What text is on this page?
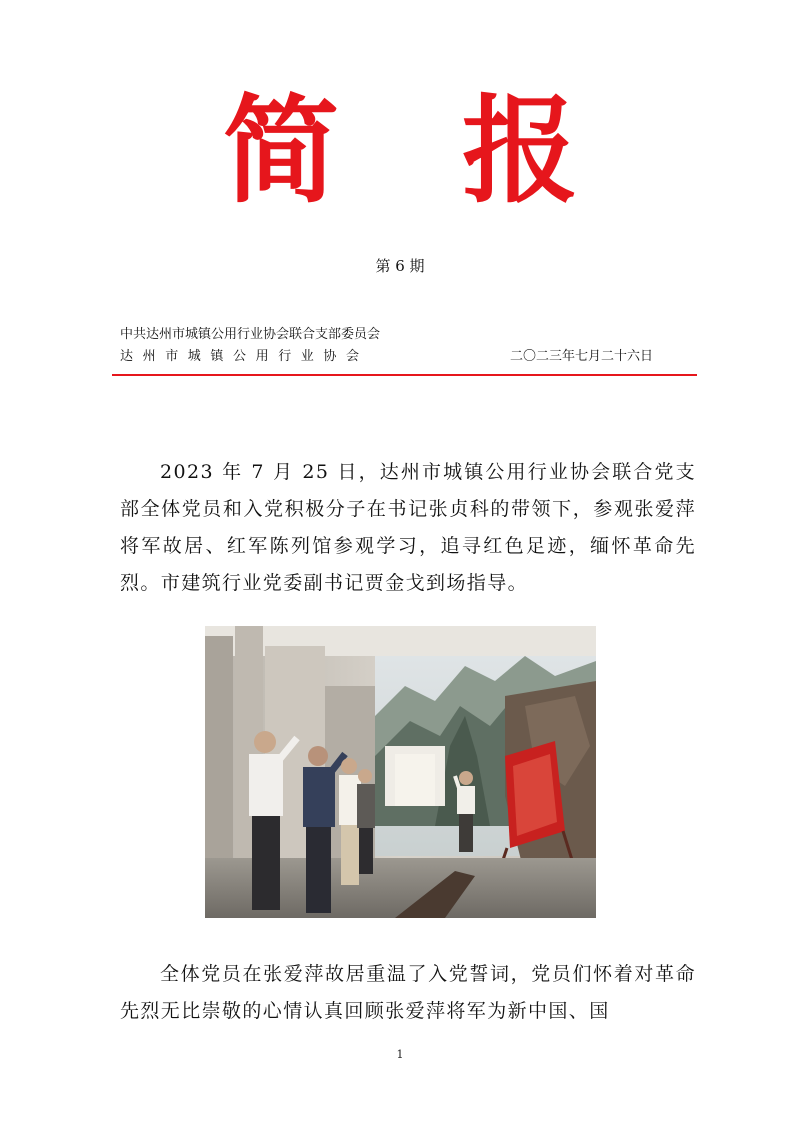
简 报
第 6 期
中共达州市城镇公用行业协会联合支部委员会
达州市城镇公用行业协会	二〇二三年七月二十六日

2023 年 7 月 25 日，达州市城镇公用行业协会联合党支部全体党员和入党积极分子在书记张贞科的带领下，参观张爱萍将军故居、红军陈列馆参观学习，追寻红色足迹，缅怀革命先烈。市建筑行业党委副书记贾金戈到场指导。

全体党员在张爱萍故居重温了入党誓词，党员们怀着对革命先烈无比崇敬的心情认真回顾张爱萍将军为新中国、国

1
